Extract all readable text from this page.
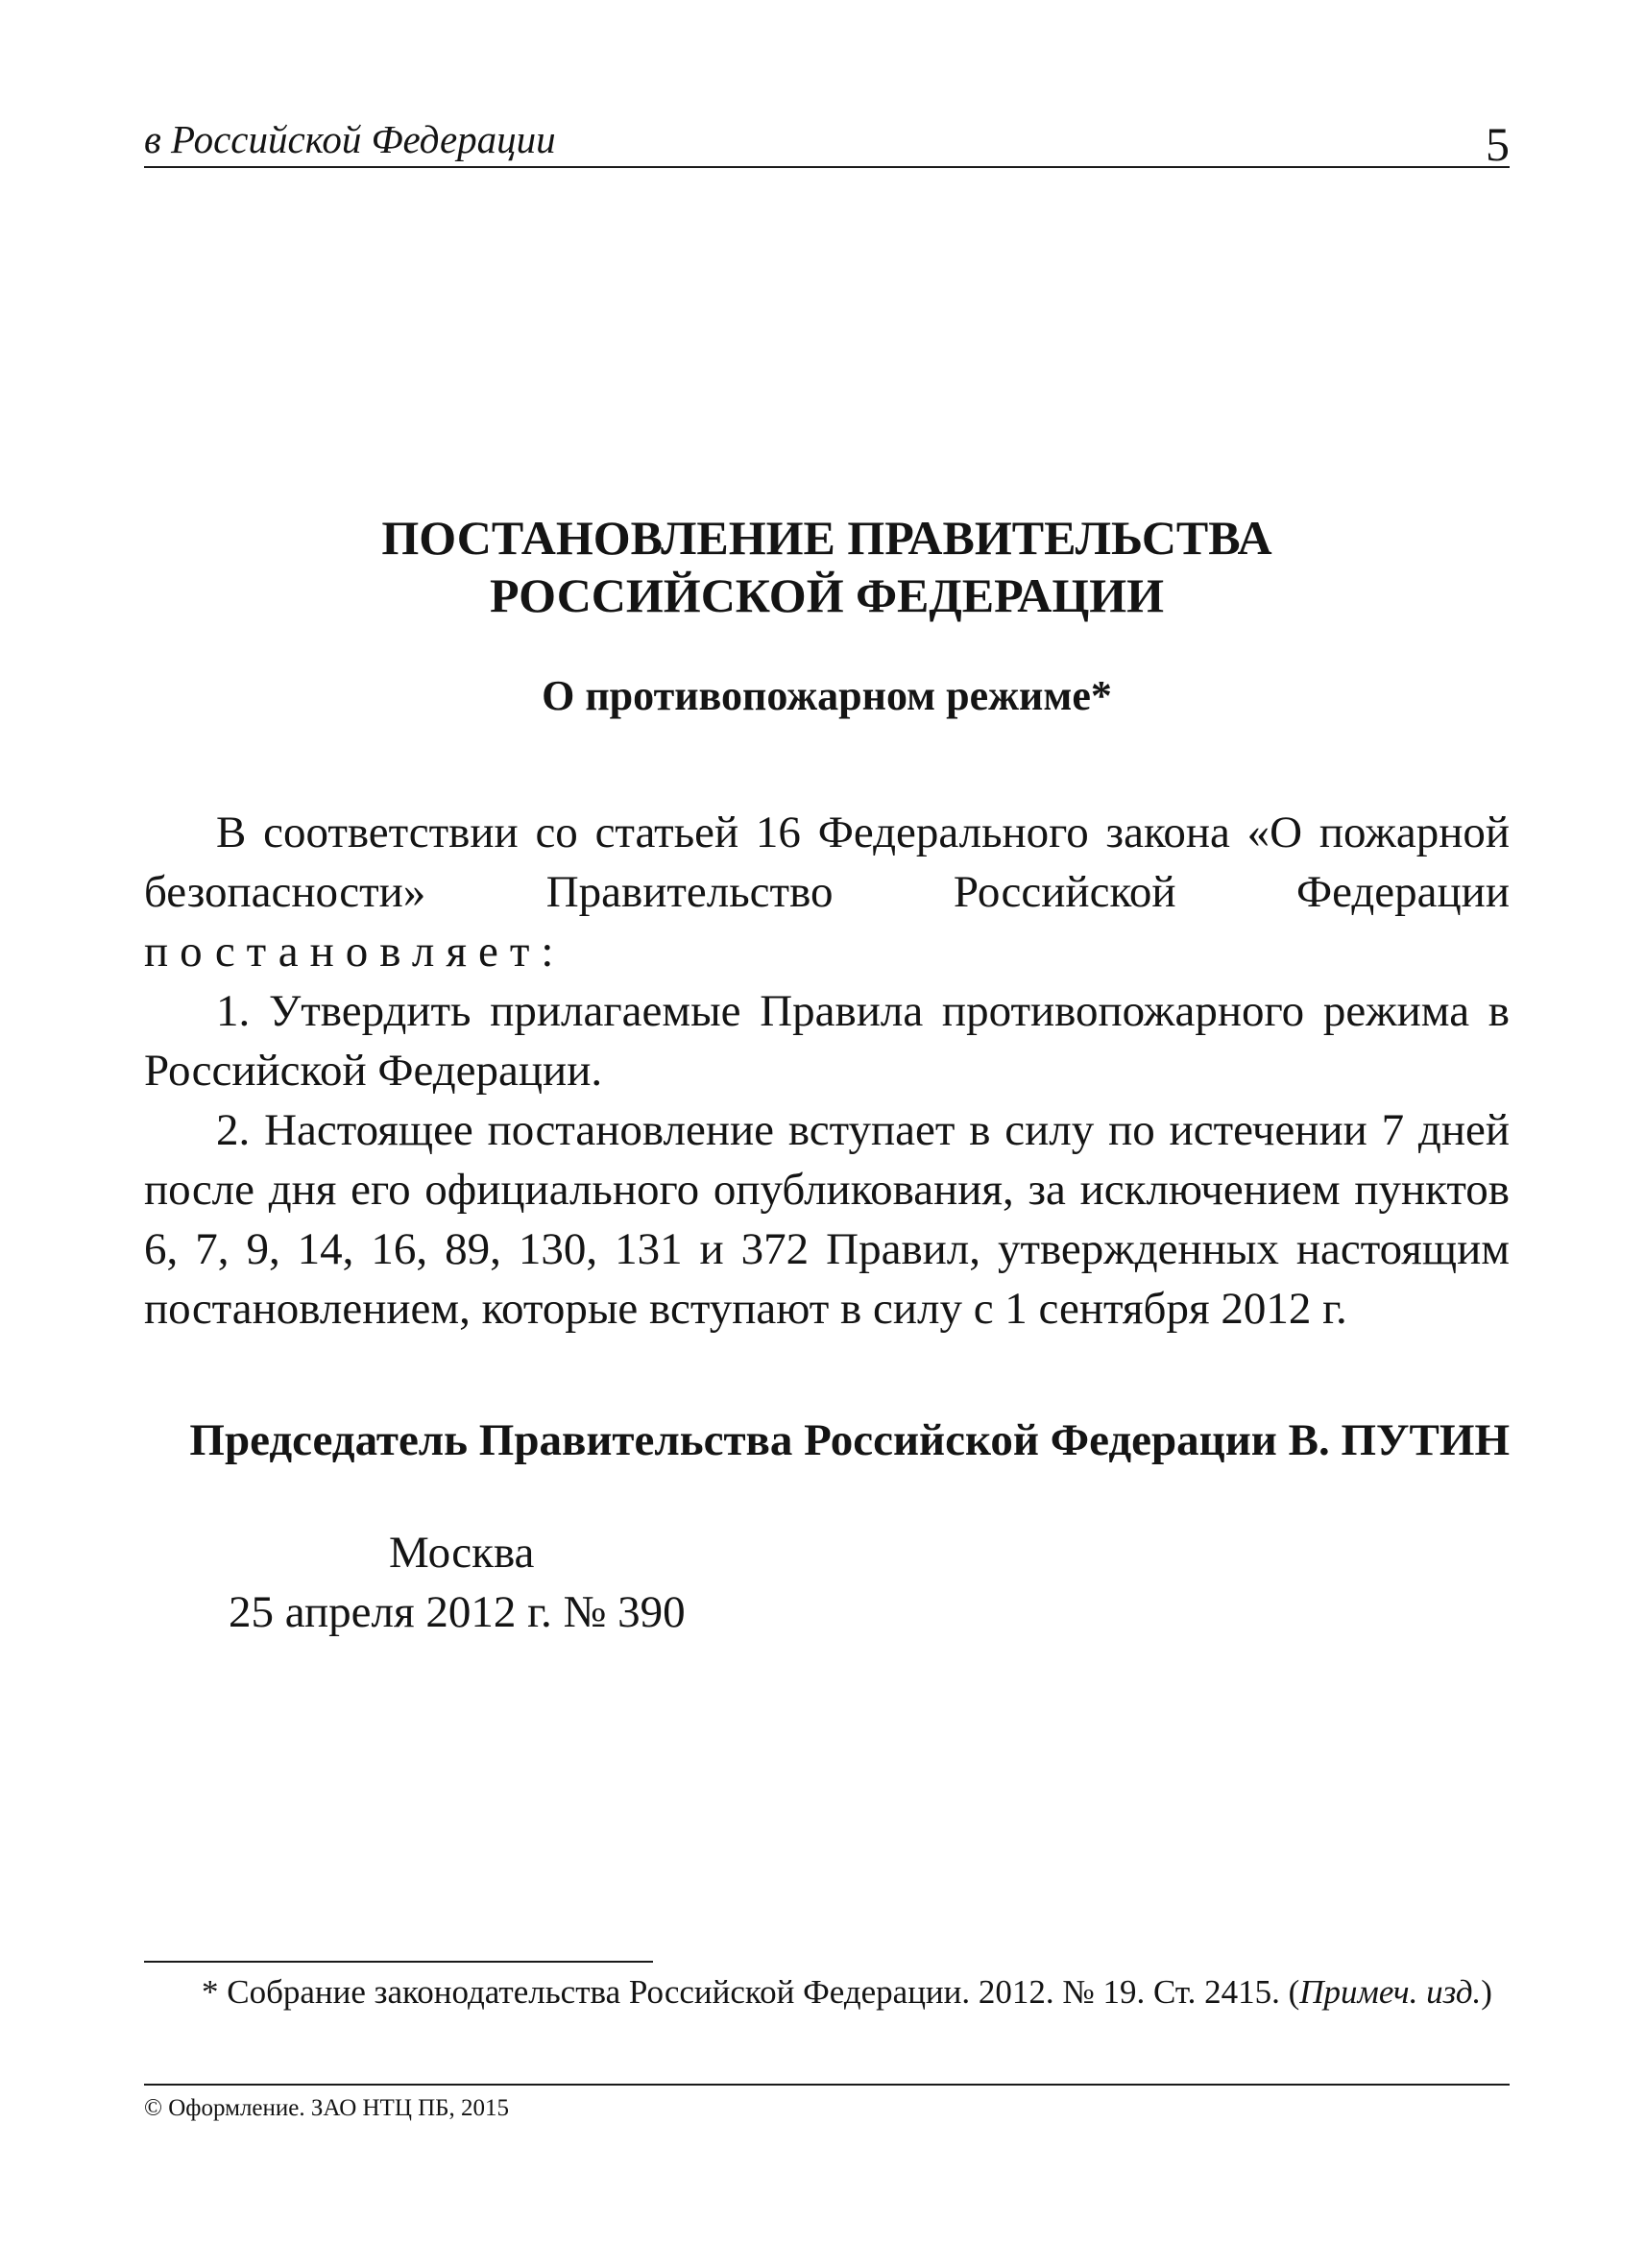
в Российской Федерации	5
ПОСТАНОВЛЕНИЕ ПРАВИТЕЛЬСТВА
РОССИЙСКОЙ ФЕДЕРАЦИИ
О противопожарном режиме*

В соответствии со статьей 16 Федерального закона «О пожарной безопасности» Правительство Российской Федерации постановляет:

1. Утвердить прилагаемые Правила противопожарного режима в Российской Федерации.

2. Настоящее постановление вступает в силу по истечении 7 дней после дня его официального опубликования, за исключением пунктов 6, 7, 9, 14, 16, 89, 130, 131 и 372 Правил, утвержденных настоящим постановлением, которые вступают в силу с 1 сентября 2012 г.

Председатель Правительства Российской Федерации В. ПУТИН
Москва
25 апреля 2012 г. № 390

* Собрание законодательства Российской Федерации. 2012. № 19. Ст. 2415. (Примеч. изд.)

© Оформление. ЗАО НТЦ ПБ, 2015
